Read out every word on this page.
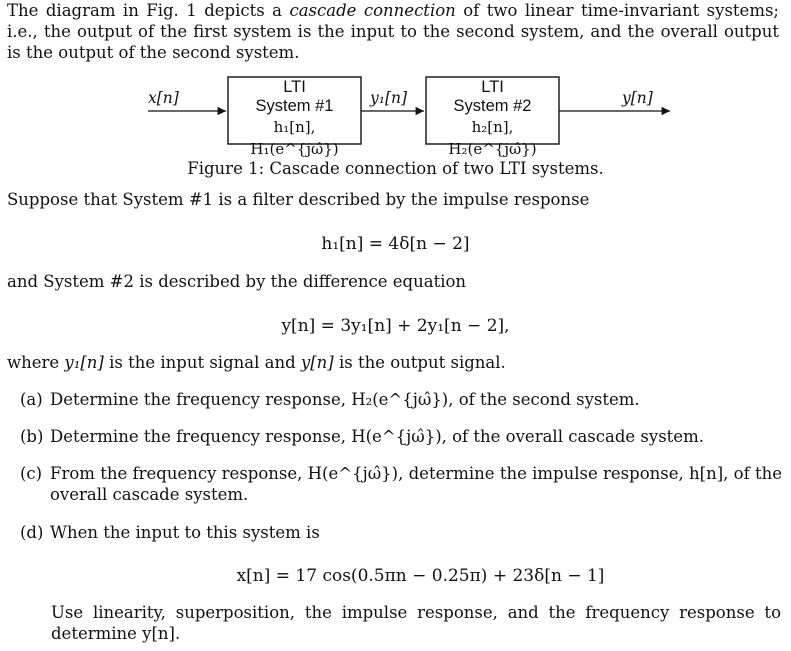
The diagram in Fig. 1 depicts a cascade connection of two linear time-invariant systems; i.e., the output of the first system is the input to the second system, and the overall output is the output of the second system.
x[n]	y₁[n]	y[n]
LTI
System #1
h₁[n], H₁(e^{jω̂})
LTI
System #2
h₂[n], H₂(e^{jω̂})
Figure 1: Cascade connection of two LTI systems.
Suppose that System #1 is a filter described by the impulse response
h₁[n] = 4δ[n − 2]
and System #2 is described by the difference equation
y[n] = 3y₁[n] + 2y₁[n − 2],
where y₁[n] is the input signal and y[n] is the output signal.
(a) Determine the frequency response, H₂(e^{jω̂}), of the second system.
(b) Determine the frequency response, H(e^{jω̂}), of the overall cascade system.
(c) From the frequency response, H(e^{jω̂}), determine the impulse response, h[n], of the overall cascade system.
(d) When the input to this system is
x[n] = 17 cos(0.5πn − 0.25π) + 23δ[n − 1]
Use linearity, superposition, the impulse response, and the frequency response to determine y[n].
